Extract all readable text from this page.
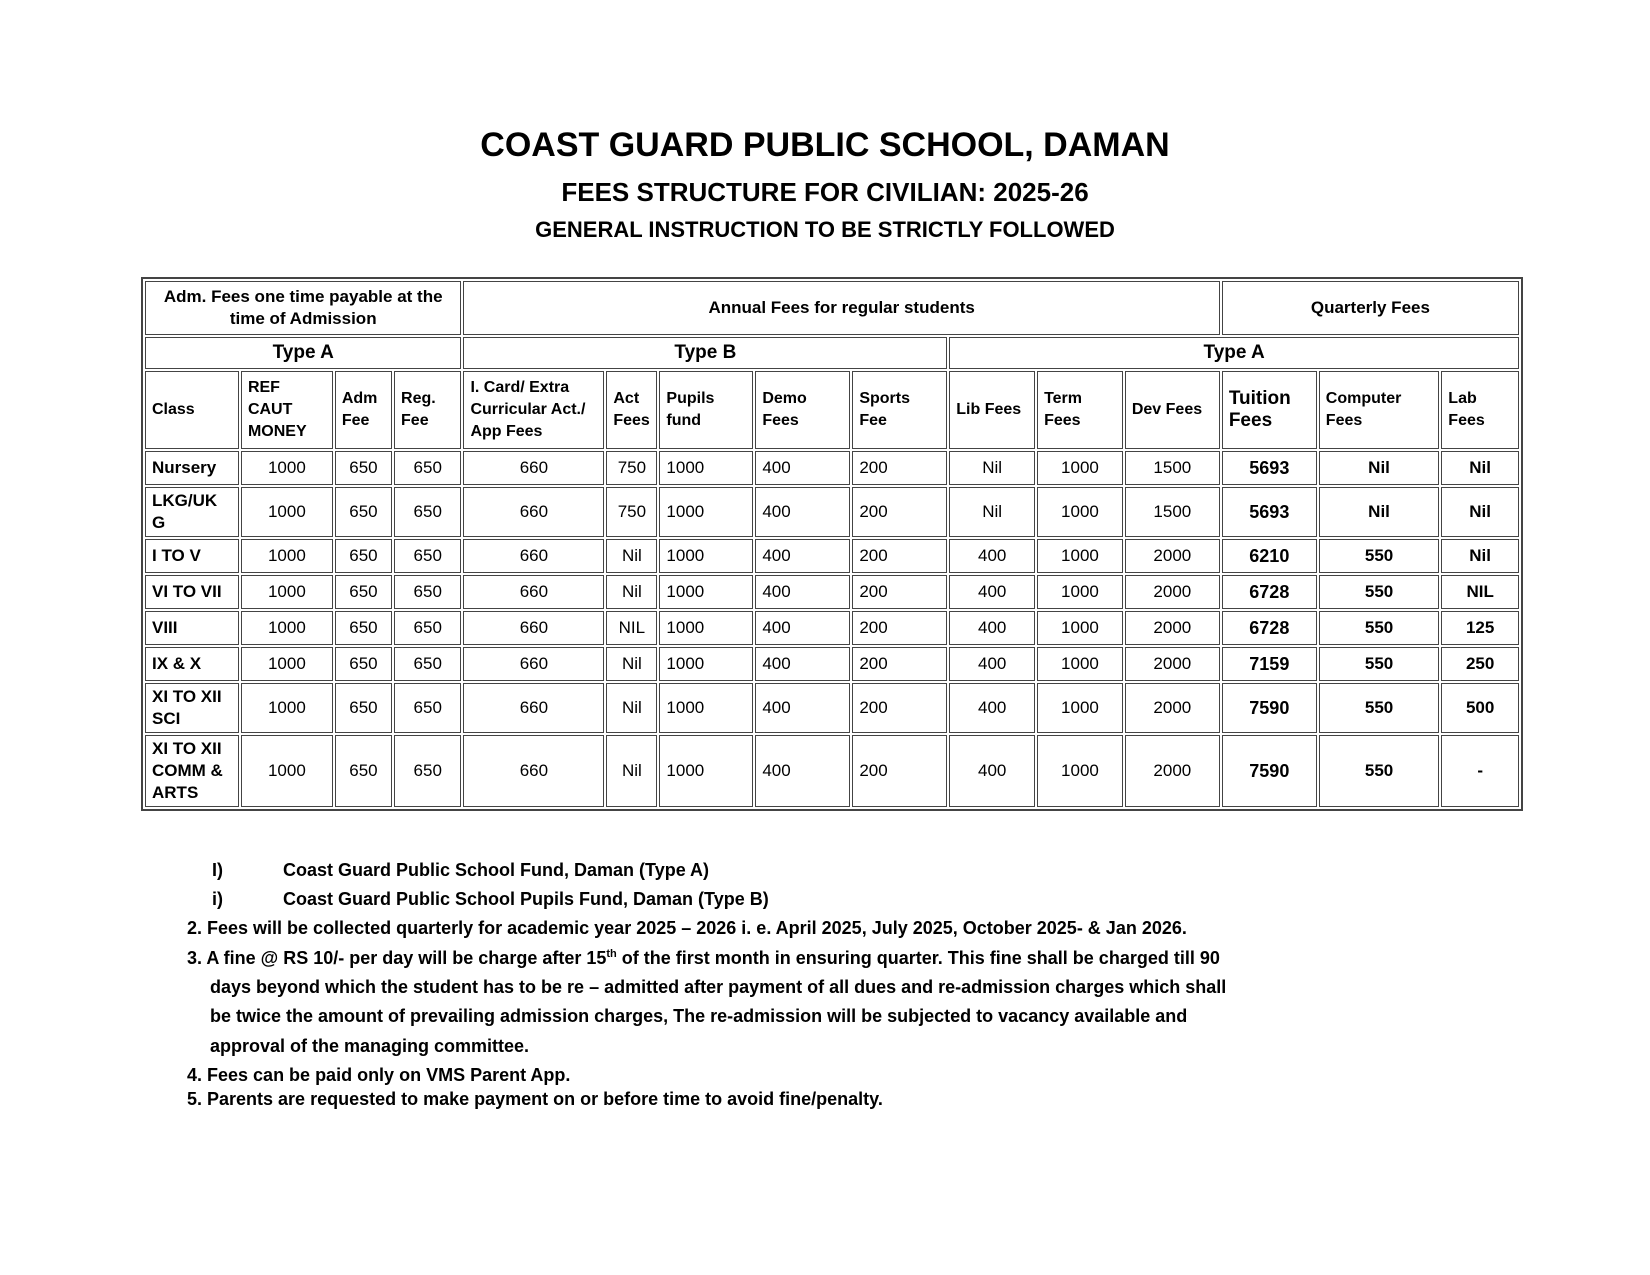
COAST GUARD PUBLIC SCHOOL, DAMAN
FEES STRUCTURE FOR CIVILIAN: 2025-26
GENERAL INSTRUCTION TO BE STRICTLY FOLLOWED
Adm. Fees one time payable at the time of Admission				Annual Fees for regular students								Quarterly Fees		
Type A				Type B					Type A					
Class	REF CAUT MONEY	Adm Fee	Reg. Fee	I. Card/ Extra Curricular Act./ App Fees	Act Fees	Pupils fund	Demo Fees	Sports Fee	Lib Fees	Term Fees	Dev Fees	Tuition Fees	Computer Fees	Lab Fees
Nursery	1000	650	650	660	750	1000	400	200	Nil	1000	1500	5693	Nil	Nil
LKG/UK G	1000	650	650	660	750	1000	400	200	Nil	1000	1500	5693	Nil	Nil
I TO V	1000	650	650	660	Nil	1000	400	200	400	1000	2000	6210	550	Nil
VI TO VII	1000	650	650	660	Nil	1000	400	200	400	1000	2000	6728	550	NIL
VIII	1000	650	650	660	NIL	1000	400	200	400	1000	2000	6728	550	125
IX & X	1000	650	650	660	Nil	1000	400	200	400	1000	2000	7159	550	250
XI TO XII SCI	1000	650	650	660	Nil	1000	400	200	400	1000	2000	7590	550	500
XI TO XII COMM & ARTS	1000	650	650	660	Nil	1000	400	200	400	1000	2000	7590	550	-
I)	Coast Guard Public School Fund, Daman (Type A)
i)	Coast Guard Public School Pupils Fund, Daman (Type B)
2. Fees will be collected quarterly for academic year 2025 – 2026 i. e. April 2025, July 2025, October 2025- & Jan 2026.
3. A fine @ RS 10/- per day will be charge after 15th of the first month in ensuring quarter. This fine shall be charged till 90
days beyond which the student has to be re – admitted after payment of all dues and re-admission charges which shall
be twice the amount of prevailing admission charges, The re-admission will be subjected to vacancy available and
approval of the managing committee.
4. Fees can be paid only on VMS Parent App.
5. Parents are requested to make payment on or before time to avoid fine/penalty.
